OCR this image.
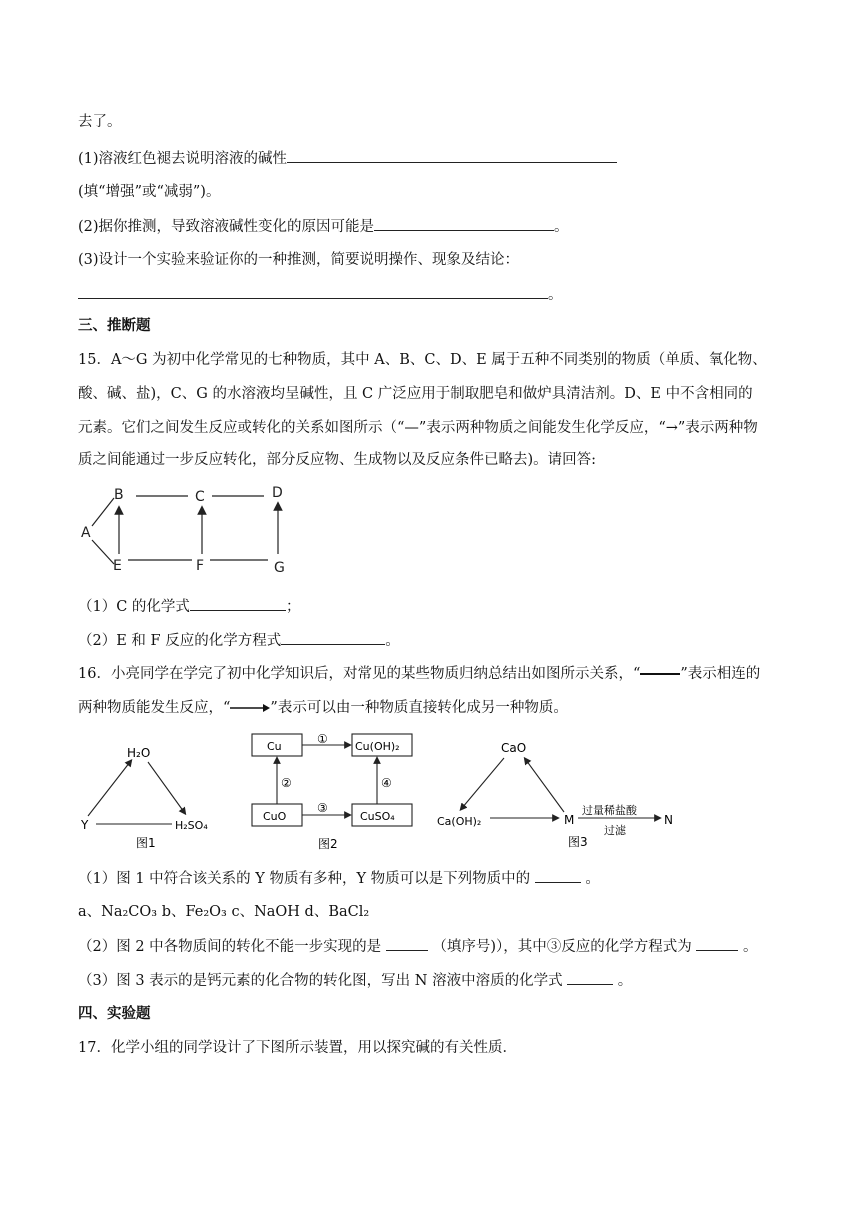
去了。
(1)溶液红色褪去说明溶液的碱性
(填“增强”或“减弱”)。
(2)据你推测，导致溶液碱性变化的原因可能是	。
(3)设计一个实验来验证你的一种推测，简要说明操作、现象及结论：
。
三、推断题
15．A～G 为初中化学常见的七种物质，其中 A、B、C、D、E 属于五种不同类别的物质（单质、氧化物、
酸、碱、盐)，C、G 的水溶液均呈碱性，且 C 广泛应用于制取肥皂和做炉具清洁剂。D、E 中不含相同的
元素。它们之间发生反应或转化的关系如图所示（“—”表示两种物质之间能发生化学反应，“→”表示两种物
质之间能通过一步反应转化，部分反应物、生成物以及反应条件已略去)。请回答:
A
B	C	D
E	F	G
（1）C 的化学式	；
（2）E 和 F 反应的化学方程式	。
16．小亮同学在学完了初中化学知识后，对常见的某些物质归纳总结出如图所示关系，“	”表示相连的
两种物质能发生反应，“	”表示可以由一种物质直接转化成另一种物质。
H₂O
Y	H₂SO₄
图1
Cu	Cu(OH)₂
CuO	CuSO₄
①
②
③
④
图2
CaO
Ca(OH)₂	M	N
过量稀盐酸
过滤
图3
（1）图 1 中符合该关系的 Y 物质有多种，Y 物质可以是下列物质中的	。
a、Na₂CO₃ b、Fe₂O₃ c、NaOH d、BaCl₂
（2）图 2 中各物质间的转化不能一步实现的是	（填序号)），其中③反应的化学方程式为	。
（3）图 3 表示的是钙元素的化合物的转化图，写出 N 溶液中溶质的化学式	。
四、实验题
17．化学小组的同学设计了下图所示装置，用以探究碱的有关性质．
